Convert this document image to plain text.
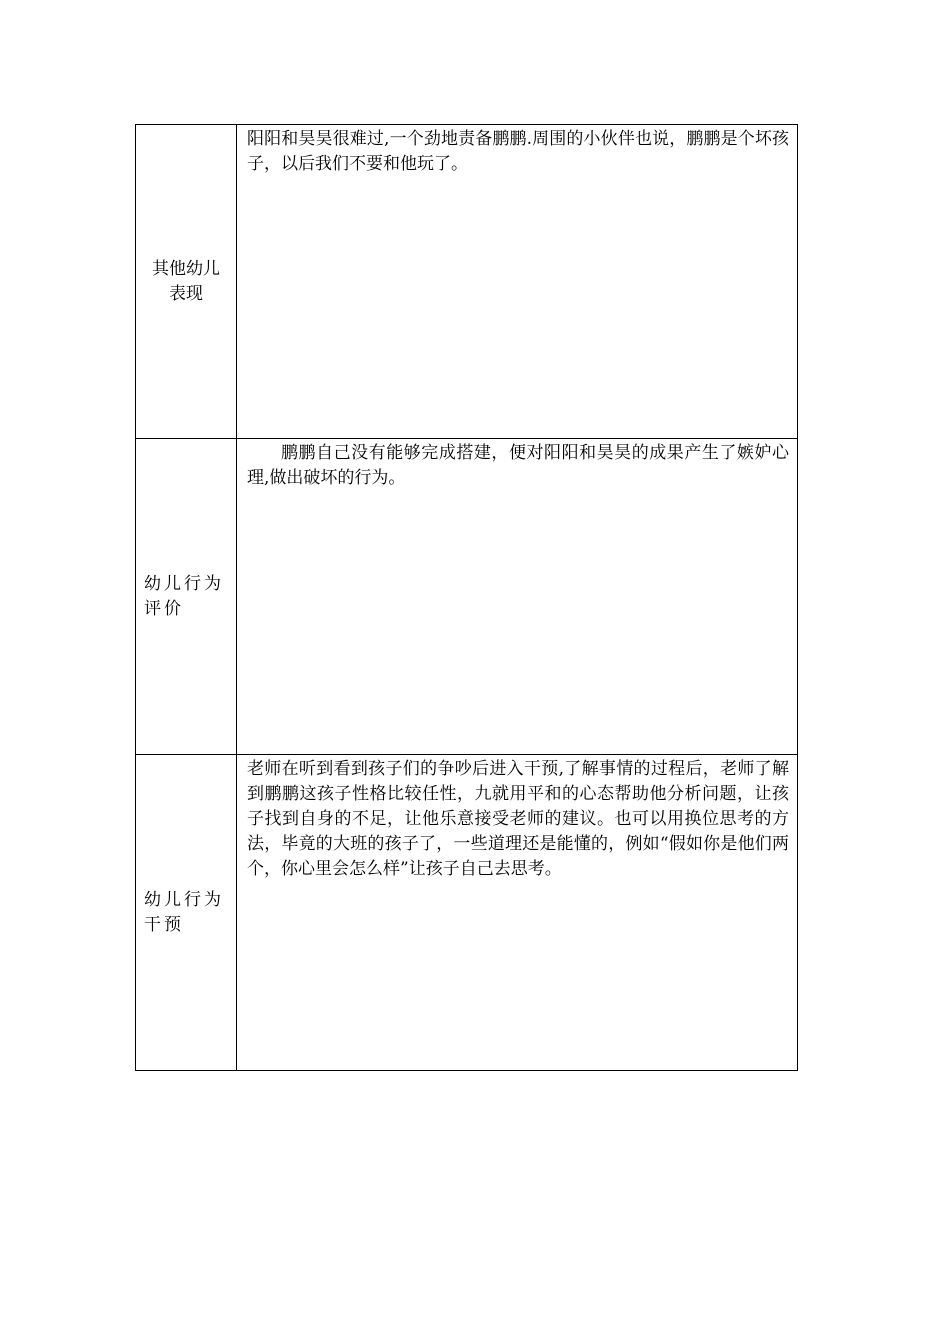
其他幼儿
表现	阳阳和昊昊很难过,一个劲地责备鹏鹏.周围的小伙伴也说，鹏鹏是个坏孩子，以后我们不要和他玩了。

幼儿行为
评价	鹏鹏自己没有能够完成搭建，便对阳阳和昊昊的成果产生了嫉妒心理,做出破坏的行为。

幼儿行为
干预	老师在听到看到孩子们的争吵后进入干预,了解事情的过程后，老师了解到鹏鹏这孩子性格比较任性，九就用平和的心态帮助他分析问题，让孩子找到自身的不足，让他乐意接受老师的建议。也可以用换位思考的方法，毕竟的大班的孩子了，一些道理还是能懂的，例如“假如你是他们两个，你心里会怎么样”让孩子自己去思考。
